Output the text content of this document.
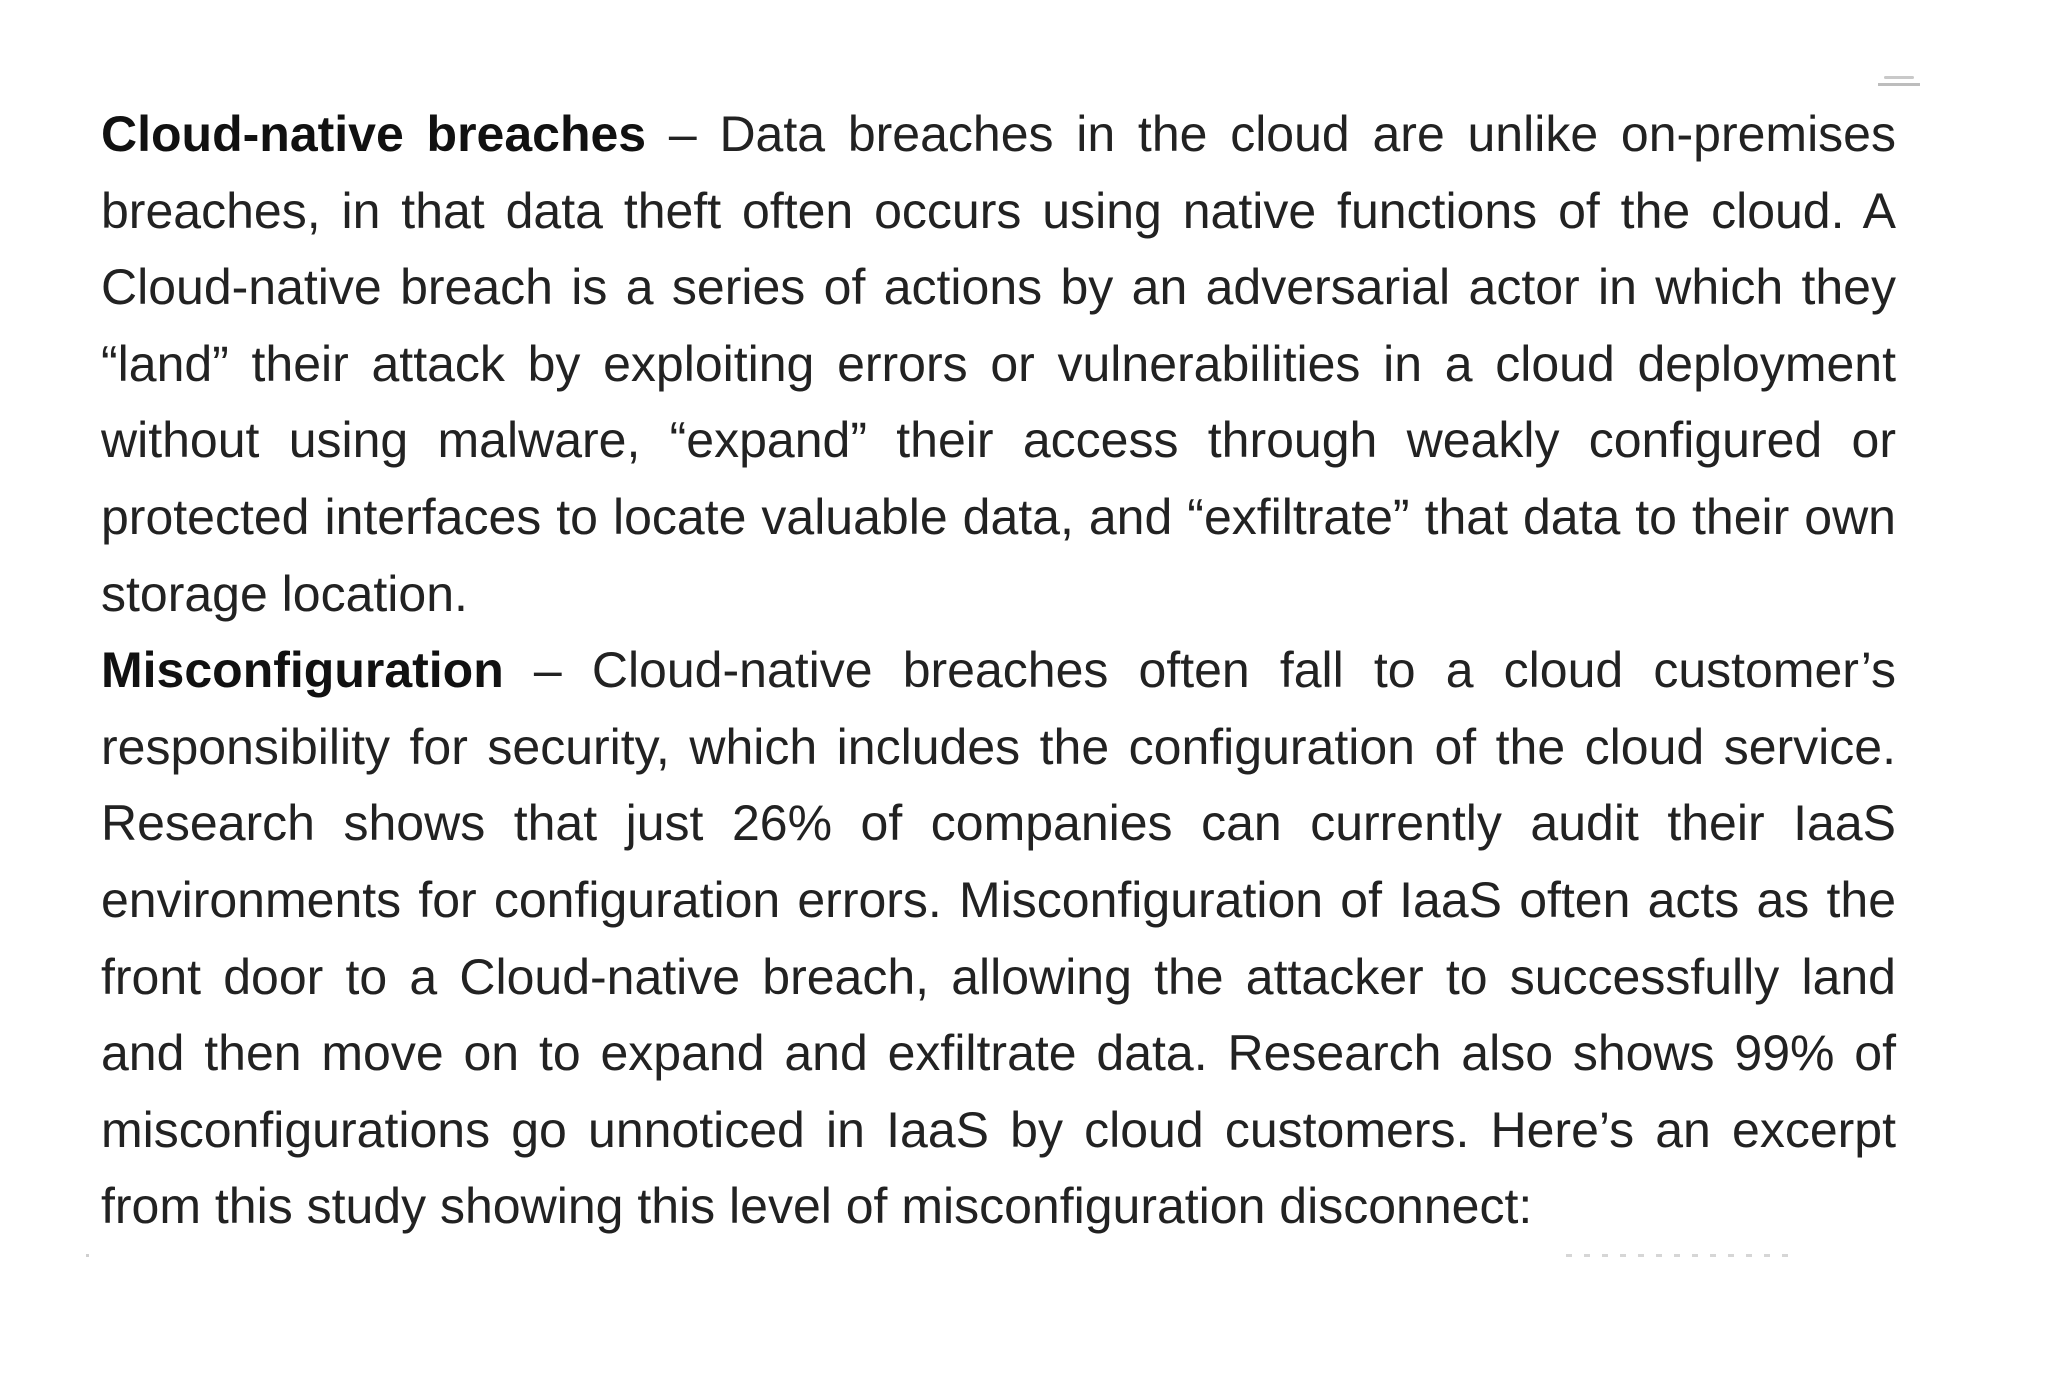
Cloud-native breaches – Data breaches in the cloud are unlike on-premises breaches, in that data theft often occurs using native functions of the cloud. A Cloud-native breach is a series of actions by an adversarial actor in which they “land” their attack by exploiting errors or vulnerabilities in a cloud deployment without using malware, “expand” their access through weakly configured or protected interfaces to locate valuable data, and “exfiltrate” that data to their own storage location.

Misconfiguration – Cloud-native breaches often fall to a cloud customer’s responsibility for security, which includes the configuration of the cloud service. Research shows that just 26% of companies can currently audit their IaaS environments for configuration errors. Misconfiguration of IaaS often acts as the front door to a Cloud-native breach, allowing the attacker to successfully land and then move on to expand and exfiltrate data. Research also shows 99% of misconfigurations go unnoticed in IaaS by cloud customers. Here’s an excerpt from this study showing this level of misconfiguration disconnect:
